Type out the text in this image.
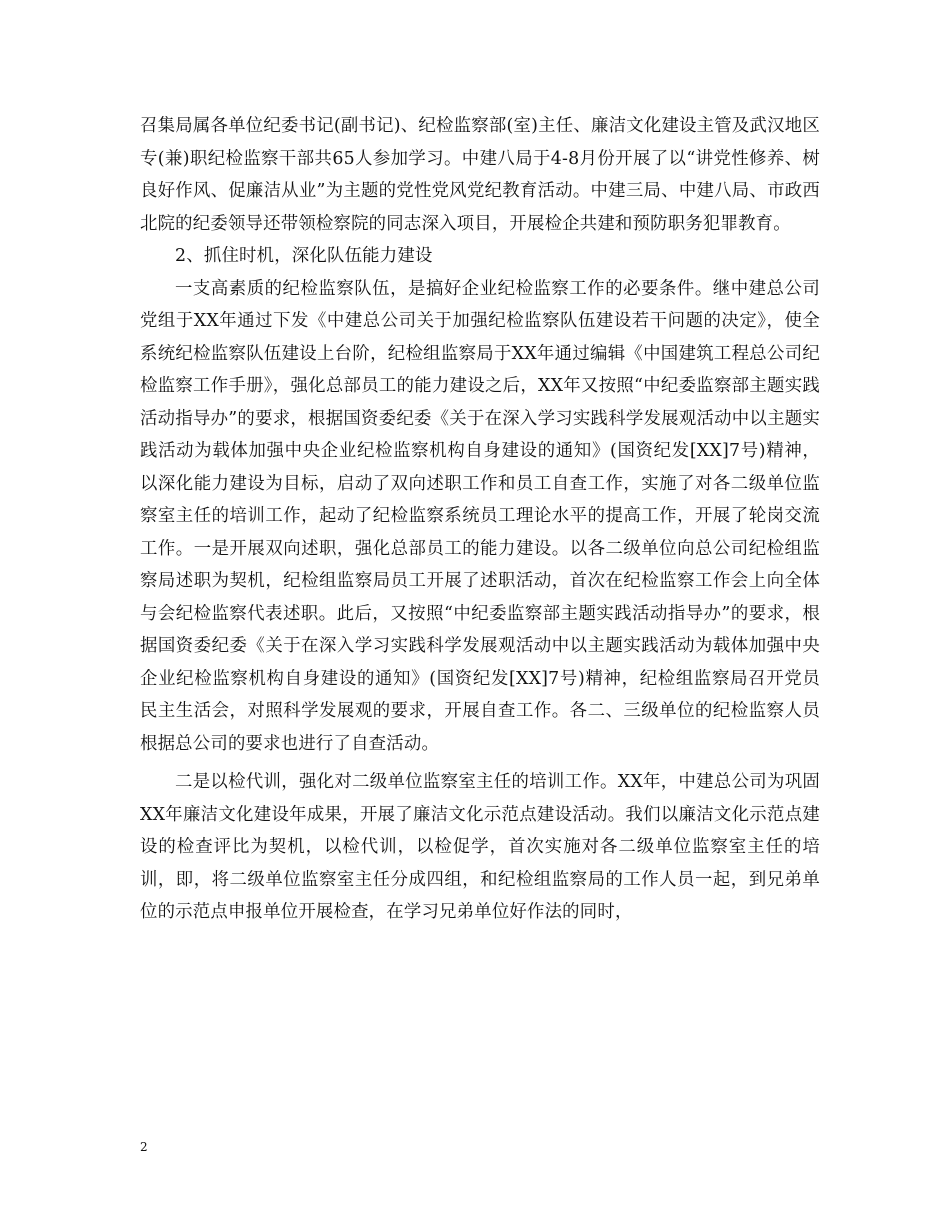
召集局属各单位纪委书记(副书记)、纪检监察部(室)主任、廉洁文化建设主管及武汉地区专(兼)职纪检监察干部共65人参加学习。中建八局于4-8月份开展了以“讲党性修养、树良好作风、促廉洁从业”为主题的党性党风党纪教育活动。中建三局、中建八局、市政西北院的纪委领导还带领检察院的同志深入项目，开展检企共建和预防职务犯罪教育。

2、抓住时机，深化队伍能力建设

一支高素质的纪检监察队伍，是搞好企业纪检监察工作的必要条件。继中建总公司党组于XX年通过下发《中建总公司关于加强纪检监察队伍建设若干问题的决定》，使全系统纪检监察队伍建设上台阶，纪检组监察局于XX年通过编辑《中国建筑工程总公司纪检监察工作手册》，强化总部员工的能力建设之后，XX年又按照“中纪委监察部主题实践活动指导办”的要求，根据国资委纪委《关于在深入学习实践科学发展观活动中以主题实践活动为载体加强中央企业纪检监察机构自身建设的通知》(国资纪发[XX]7号)精神，以深化能力建设为目标，启动了双向述职工作和员工自查工作，实施了对各二级单位监察室主任的培训工作，起动了纪检监察系统员工理论水平的提高工作，开展了轮岗交流工作。一是开展双向述职，强化总部员工的能力建设。以各二级单位向总公司纪检组监察局述职为契机，纪检组监察局员工开展了述职活动，首次在纪检监察工作会上向全体与会纪检监察代表述职。此后，又按照“中纪委监察部主题实践活动指导办”的要求，根据国资委纪委《关于在深入学习实践科学发展观活动中以主题实践活动为载体加强中央企业纪检监察机构自身建设的通知》(国资纪发[XX]7号)精神，纪检组监察局召开党员民主生活会，对照科学发展观的要求，开展自查工作。各二、三级单位的纪检监察人员根据总公司的要求也进行了自查活动。

二是以检代训，强化对二级单位监察室主任的培训工作。XX年，中建总公司为巩固XX年廉洁文化建设年成果，开展了廉洁文化示范点建设活动。我们以廉洁文化示范点建设的检查评比为契机，以检代训，以检促学，首次实施对各二级单位监察室主任的培训，即，将二级单位监察室主任分成四组，和纪检组监察局的工作人员一起，到兄弟单位的示范点申报单位开展检查，在学习兄弟单位好作法的同时，

2
